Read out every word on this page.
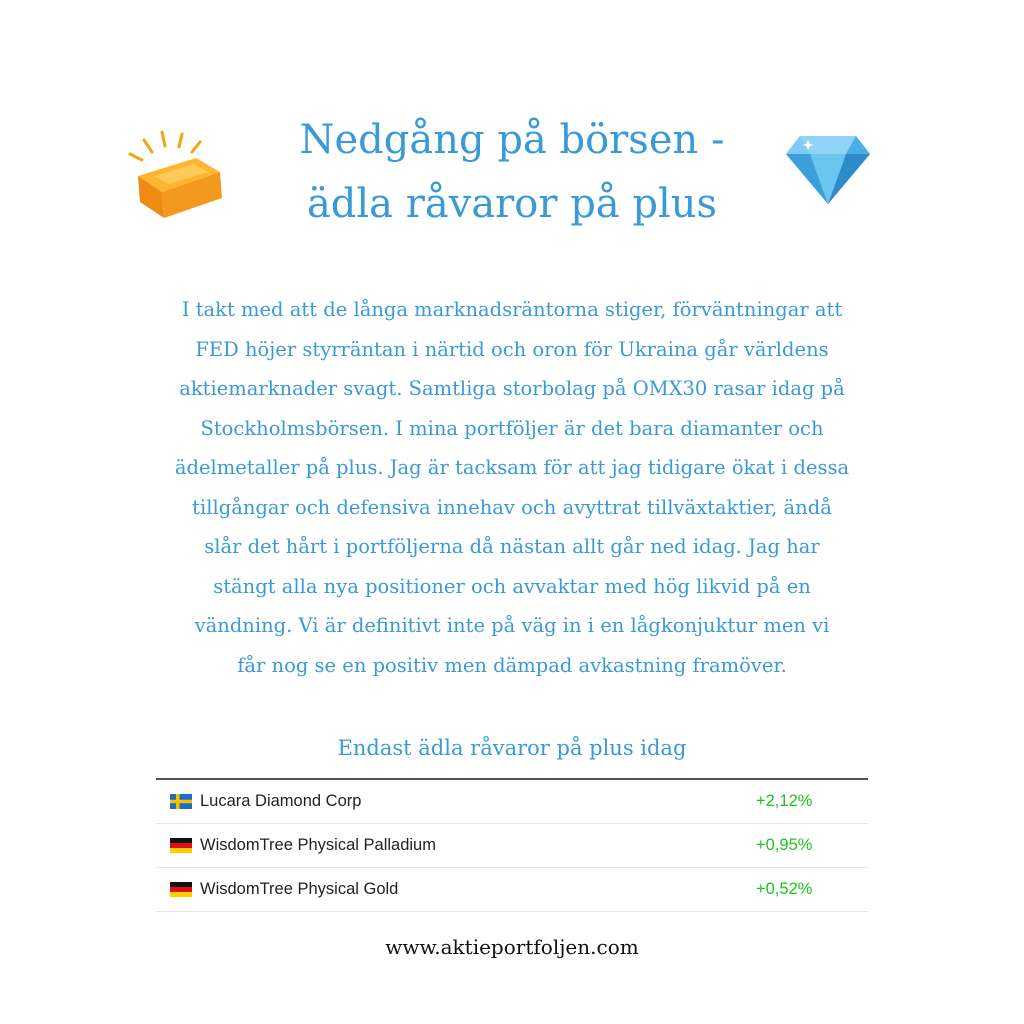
Nedgång på börsen -
ädla råvaror på plus
I takt med att de långa marknadsräntorna stiger, förväntningar att
FED höjer styrräntan i närtid och oron för Ukraina går världens
aktiemarknader svagt. Samtliga storbolag på OMX30 rasar idag på
Stockholmsbörsen. I mina portföljer är det bara diamanter och
ädelmetaller på plus. Jag är tacksam för att jag tidigare ökat i dessa
tillgångar och defensiva innehav och avyttrat tillväxtaktier, ändå
slår det hårt i portföljerna då nästan allt går ned idag. Jag har
stängt alla nya positioner och avvaktar med hög likvid på en
vändning. Vi är definitivt inte på väg in i en lågkonjuktur men vi
får nog se en positiv men dämpad avkastning framöver.
Endast ädla råvaror på plus idag
Lucara Diamond Corp	+2,12%
WisdomTree Physical Palladium	+0,95%
WisdomTree Physical Gold	+0,52%
www.aktieportfoljen.com
